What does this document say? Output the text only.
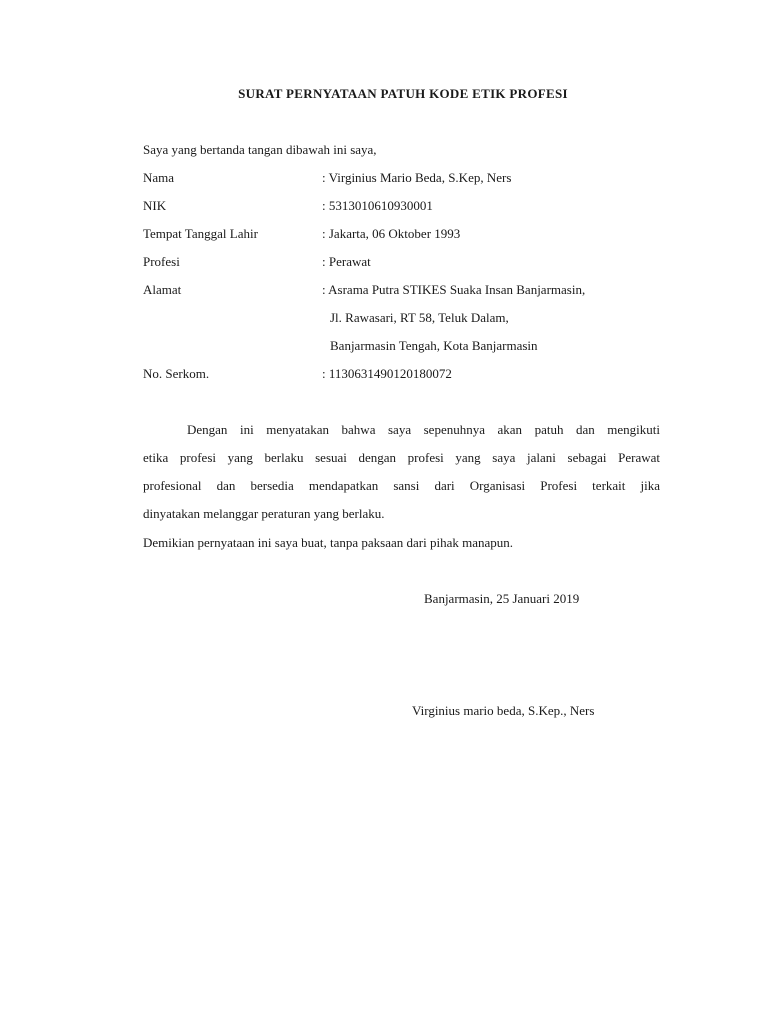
SURAT PERNYATAAN PATUH KODE ETIK PROFESI
Saya yang bertanda tangan dibawah ini saya,
Nama	: Virginius Mario Beda, S.Kep, Ners
NIK	: 5313010610930001
Tempat Tanggal Lahir	: Jakarta, 06 Oktober 1993
Profesi	: Perawat
Alamat	: Asrama Putra STIKES Suaka Insan Banjarmasin,
Jl. Rawasari, RT 58, Teluk Dalam,
Banjarmasin Tengah, Kota Banjarmasin
No. Serkom.	: 1130631490120180072
Dengan ini menyatakan bahwa saya sepenuhnya akan patuh dan mengikuti
etika profesi yang berlaku sesuai dengan profesi yang saya jalani sebagai Perawat
profesional dan bersedia mendapatkan sansi dari Organisasi Profesi terkait jika
dinyatakan melanggar peraturan yang berlaku.
Demikian pernyataan ini saya buat, tanpa paksaan dari pihak manapun.
Banjarmasin, 25 Januari 2019
Virginius mario beda, S.Kep., Ners
